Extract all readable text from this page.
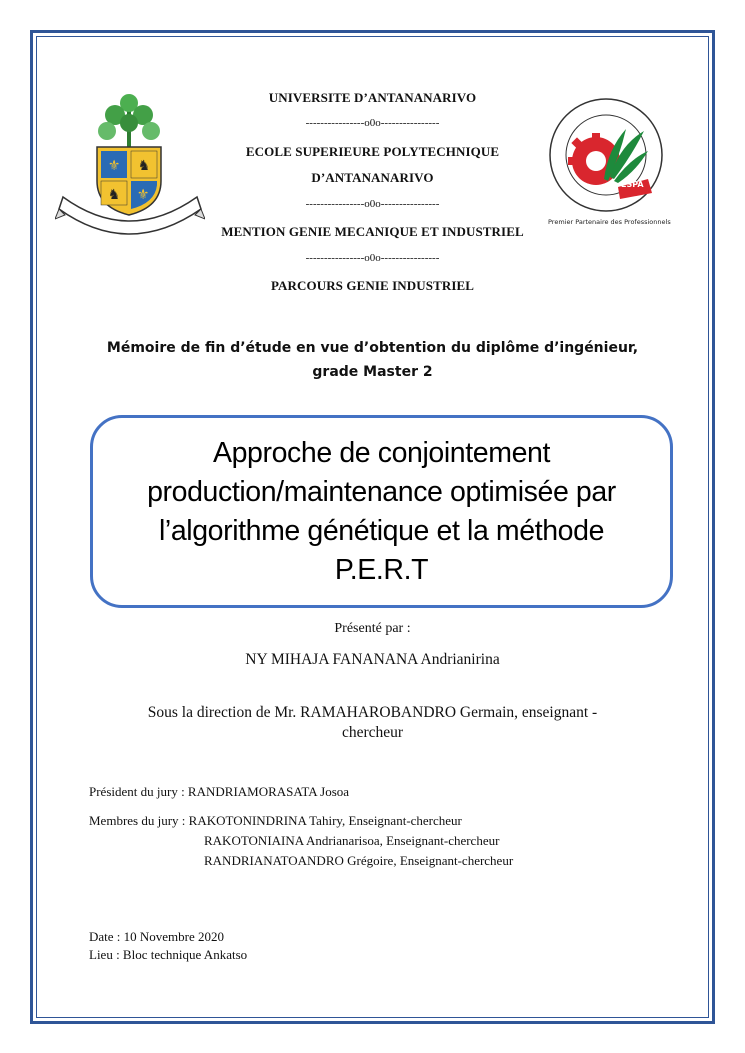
⚜ ♞
♞ ⚜
ESPA
Premier Partenaire des Professionnels
UNIVERSITE D’ANTANANARIVO
----------------o0o----------------
ECOLE SUPERIEURE POLYTECHNIQUE
D’ANTANANARIVO
----------------o0o----------------
MENTION GENIE MECANIQUE ET INDUSTRIEL
----------------o0o----------------
PARCOURS GENIE INDUSTRIEL
Mémoire de fin d’étude en vue d’obtention du diplôme d’ingénieur,
grade Master 2
Approche de conjointement
production/maintenance optimisée par
l’algorithme génétique et la méthode
P.E.R.T
Présenté par :
NY MIHAJA FANANANA Andrianirina
Sous la direction de Mr. RAMAHAROBANDRO Germain, enseignant -
chercheur
Président du jury : RANDRIAMORASATA Josoa
Membres du jury : RAKOTONINDRINA Tahiry, Enseignant-chercheur
RAKOTONIAINA Andrianarisoa, Enseignant-chercheur
RANDRIANATOANDRO Grégoire, Enseignant-chercheur
Date : 10 Novembre 2020
Lieu : Bloc technique Ankatso
